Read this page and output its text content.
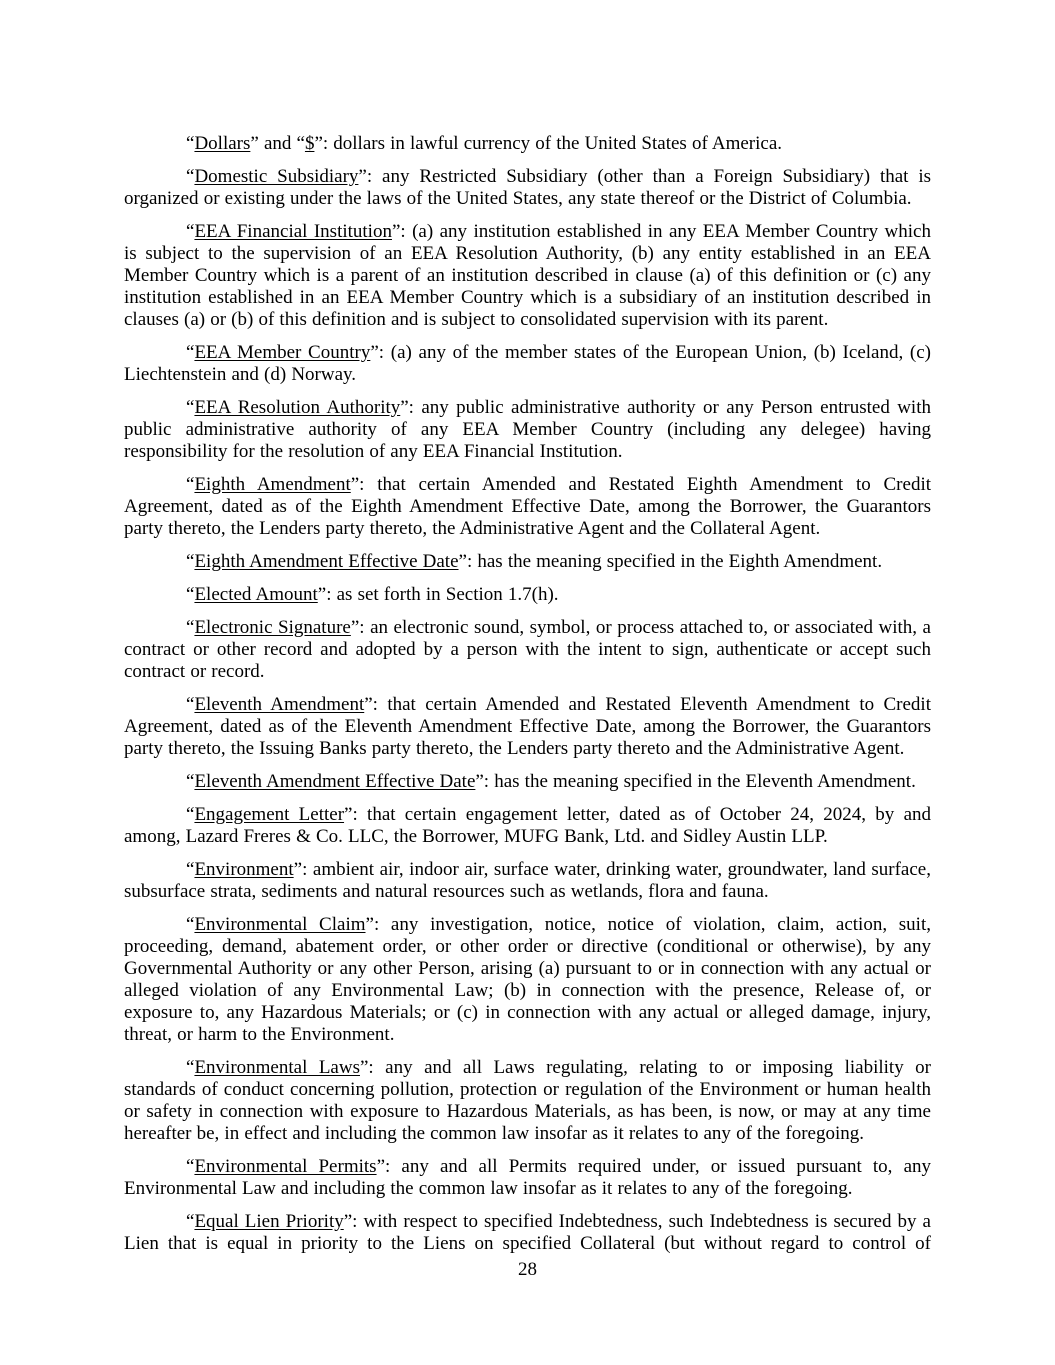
“Dollars” and “$”: dollars in lawful currency of the United States of America.

“Domestic Subsidiary”: any Restricted Subsidiary (other than a Foreign Subsidiary) that is organized or existing under the laws of the United States, any state thereof or the District of Columbia.

“EEA Financial Institution”: (a) any institution established in any EEA Member Country which is subject to the supervision of an EEA Resolution Authority, (b) any entity established in an EEA Member Country which is a parent of an institution described in clause (a) of this definition or (c) any institution established in an EEA Member Country which is a subsidiary of an institution described in clauses (a) or (b) of this definition and is subject to consolidated supervision with its parent.

“EEA Member Country”: (a) any of the member states of the European Union, (b) Iceland, (c) Liechtenstein and (d) Norway.

“EEA Resolution Authority”: any public administrative authority or any Person entrusted with public administrative authority of any EEA Member Country (including any delegee) having responsibility for the resolution of any EEA Financial Institution.

“Eighth Amendment”: that certain Amended and Restated Eighth Amendment to Credit Agreement, dated as of the Eighth Amendment Effective Date, among the Borrower, the Guarantors party thereto, the Lenders party thereto, the Administrative Agent and the Collateral Agent.

“Eighth Amendment Effective Date”: has the meaning specified in the Eighth Amendment.

“Elected Amount”: as set forth in Section 1.7(h).

“Electronic Signature”: an electronic sound, symbol, or process attached to, or associated with, a contract or other record and adopted by a person with the intent to sign, authenticate or accept such contract or record.

“Eleventh Amendment”: that certain Amended and Restated Eleventh Amendment to Credit Agreement, dated as of the Eleventh Amendment Effective Date, among the Borrower, the Guarantors party thereto, the Issuing Banks party thereto, the Lenders party thereto and the Administrative Agent.

“Eleventh Amendment Effective Date”: has the meaning specified in the Eleventh Amendment.

“Engagement Letter”: that certain engagement letter, dated as of October 24, 2024, by and among, Lazard Freres & Co. LLC, the Borrower, MUFG Bank, Ltd. and Sidley Austin LLP.

“Environment”: ambient air, indoor air, surface water, drinking water, groundwater, land surface, subsurface strata, sediments and natural resources such as wetlands, flora and fauna.

“Environmental Claim”: any investigation, notice, notice of violation, claim, action, suit, proceeding, demand, abatement order, or other order or directive (conditional or otherwise), by any Governmental Authority or any other Person, arising (a) pursuant to or in connection with any actual or alleged violation of any Environmental Law; (b) in connection with the presence, Release of, or exposure to, any Hazardous Materials; or (c) in connection with any actual or alleged damage, injury, threat, or harm to the Environment.

“Environmental Laws”: any and all Laws regulating, relating to or imposing liability or standards of conduct concerning pollution, protection or regulation of the Environment or human health or safety in connection with exposure to Hazardous Materials, as has been, is now, or may at any time hereafter be, in effect and including the common law insofar as it relates to any of the foregoing.

“Environmental Permits”: any and all Permits required under, or issued pursuant to, any Environmental Law and including the common law insofar as it relates to any of the foregoing.

“Equal Lien Priority”: with respect to specified Indebtedness, such Indebtedness is secured by a Lien that is equal in priority to the Liens on specified Collateral (but without regard to control of

28
